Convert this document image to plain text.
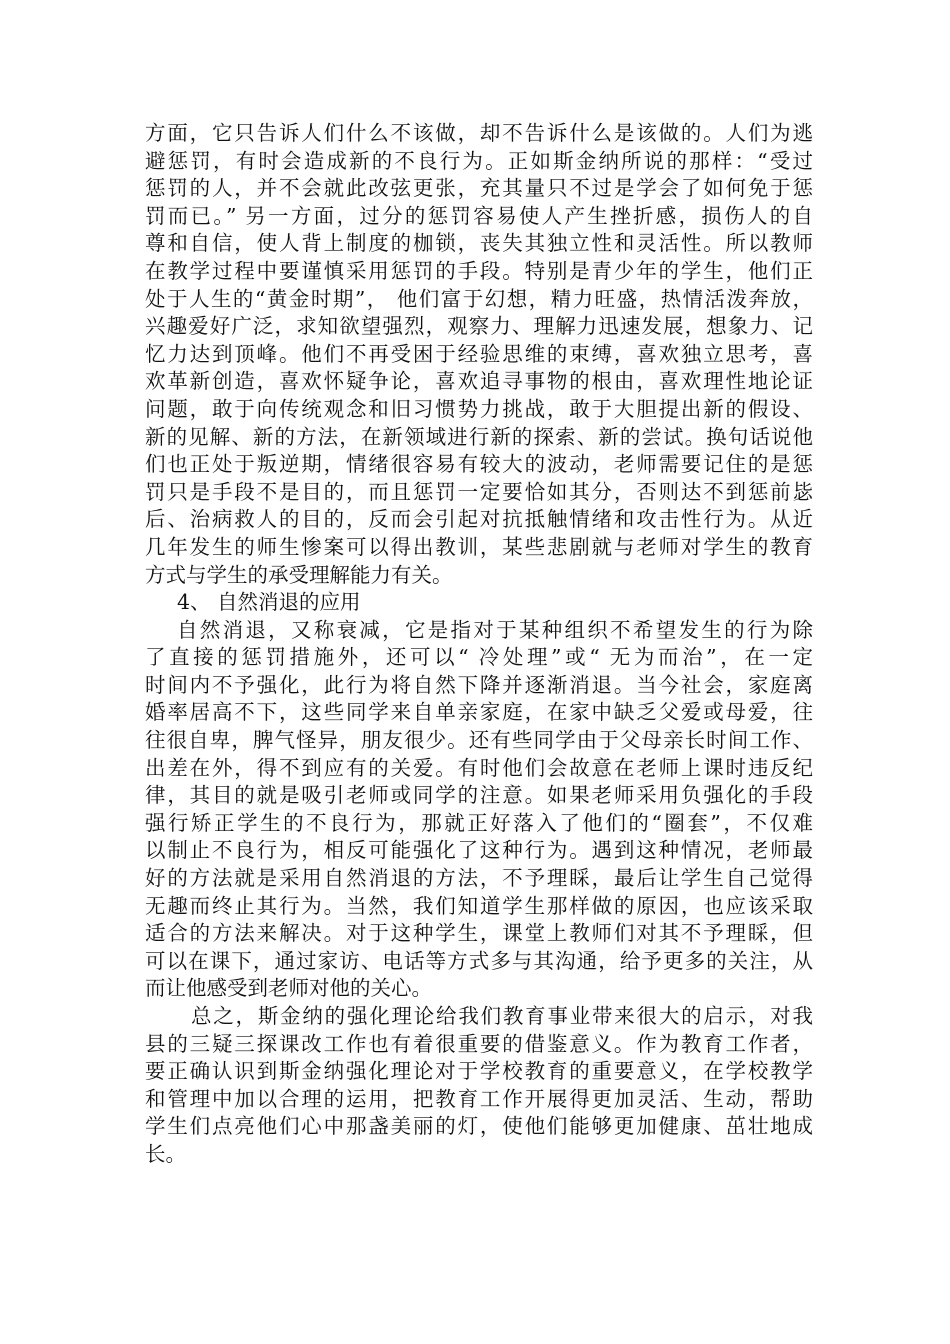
方面，它只告诉人们什么不该做，却不告诉什么是该做的。人们为逃
避惩罚，有时会造成新的不良行为。正如斯金纳所说的那样：“受过
惩罚的人，并不会就此改弦更张，充其量只不过是学会了如何免于惩
罚而已。” 另一方面，过分的惩罚容易使人产生挫折感，损伤人的自
尊和自信，使人背上制度的枷锁，丧失其独立性和灵活性。所以教师
在教学过程中要谨慎采用惩罚的手段。特别是青少年的学生，他们正
处于人生的“黄金时期”， 他们富于幻想，精力旺盛，热情活泼奔放，
兴趣爱好广泛，求知欲望强烈，观察力、理解力迅速发展，想象力、记
忆力达到顶峰。他们不再受困于经验思维的束缚，喜欢独立思考，喜
欢革新创造，喜欢怀疑争论，喜欢追寻事物的根由，喜欢理性地论证
问题，敢于向传统观念和旧习惯势力挑战，敢于大胆提出新的假设、
新的见解、新的方法，在新领域进行新的探索、新的尝试。换句话说他
们也正处于叛逆期，情绪很容易有较大的波动，老师需要记住的是惩
罚只是手段不是目的，而且惩罚一定要恰如其分，否则达不到惩前毖
后、治病救人的目的，反而会引起对抗抵触情绪和攻击性行为。从近
几年发生的师生惨案可以得出教训，某些悲剧就与老师对学生的教育
方式与学生的承受理解能力有关。
4、 自然消退的应用
自然消退，又称衰减，它是指对于某种组织不希望发生的行为除
了直接的惩罚措施外，还可以“ 冷处理”或“ 无为而治”，在一定
时间内不予强化，此行为将自然下降并逐渐消退。当今社会，家庭离
婚率居高不下，这些同学来自单亲家庭，在家中缺乏父爱或母爱，往
往很自卑，脾气怪异，朋友很少。还有些同学由于父母亲长时间工作、
出差在外，得不到应有的关爱。有时他们会故意在老师上课时违反纪
律，其目的就是吸引老师或同学的注意。如果老师采用负强化的手段
强行矫正学生的不良行为，那就正好落入了他们的“圈套”，不仅难
以制止不良行为，相反可能强化了这种行为。遇到这种情况，老师最
好的方法就是采用自然消退的方法，不予理睬，最后让学生自己觉得
无趣而终止其行为。当然，我们知道学生那样做的原因，也应该采取
适合的方法来解决。对于这种学生，课堂上教师们对其不予理睬，但
可以在课下，通过家访、电话等方式多与其沟通，给予更多的关注，从
而让他感受到老师对他的关心。
总之，斯金纳的强化理论给我们教育事业带来很大的启示，对我
县的三疑三探课改工作也有着很重要的借鉴意义。作为教育工作者，
要正确认识到斯金纳强化理论对于学校教育的重要意义，在学校教学
和管理中加以合理的运用，把教育工作开展得更加灵活、生动，帮助
学生们点亮他们心中那盏美丽的灯，使他们能够更加健康、茁壮地成
长。
